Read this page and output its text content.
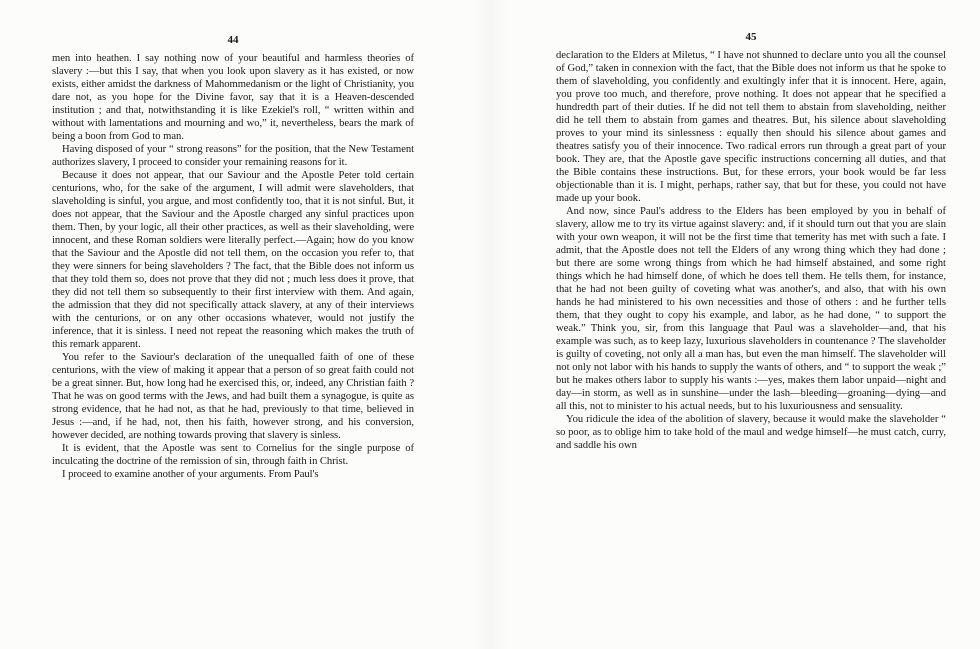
44

men into heathen. I say nothing now of your beautiful and harmless theories of slavery :—but this I say, that when you look upon slavery as it has existed, or now exists, either amidst the darkness of Mahommedanism or the light of Christianity, you dare not, as you hope for the Divine favor, say that it is a Heaven-descended institution ; and that, notwithstanding it is like Ezekiel's roll, “ written within and without with lamentations and mourning and wo,” it, nevertheless, bears the mark of being a boon from God to man.

Having disposed of your “ strong reasons” for the position, that the New Testament authorizes slavery, I proceed to consider your remaining reasons for it.

Because it does not appear, that our Saviour and the Apostle Peter told certain centurions, who, for the sake of the argument, I will admit were slaveholders, that slaveholding is sinful, you argue, and most confidently too, that it is not sinful. But, it does not appear, that the Saviour and the Apostle charged any sinful practices upon them. Then, by your logic, all their other practices, as well as their slaveholding, were innocent, and these Roman soldiers were literally perfect.—Again; how do you know that the Saviour and the Apostle did not tell them, on the occasion you refer to, that they were sinners for being slaveholders ? The fact, that the Bible does not inform us that they told them so, does not prove that they did not ; much less does it prove, that they did not tell them so subsequently to their first interview with them. And again, the admission that they did not specifically attack slavery, at any of their interviews with the centurions, or on any other occasions whatever, would not justify the inference, that it is sinless. I need not repeat the reasoning which makes the truth of this remark apparent.

You refer to the Saviour's declaration of the unequalled faith of one of these centurions, with the view of making it appear that a person of so great faith could not be a great sinner. But, how long had he exercised this, or, indeed, any Christian faith ? That he was on good terms with the Jews, and had built them a synagogue, is quite as strong evidence, that he had not, as that he had, previously to that time, believed in Jesus :—and, if he had, not, then his faith, however strong, and his conversion, however decided, are nothing towards proving that slavery is sinless.

It is evident, that the Apostle was sent to Cornelius for the single purpose of inculcating the doctrine of the remission of sin, through faith in Christ.

I proceed to examine another of your arguments. From Paul's

45

declaration to the Elders at Miletus, “ I have not shunned to declare unto you all the counsel of God,” taken in connexion with the fact, that the Bible does not inform us that he spoke to them of slaveholding, you confidently and exultingly infer that it is innocent. Here, again, you prove too much, and therefore, prove nothing. It does not appear that he specified a hundredth part of their duties. If he did not tell them to abstain from slaveholding, neither did he tell them to abstain from games and theatres. But, his silence about slaveholding proves to your mind its sinlessness : equally then should his silence about games and theatres satisfy you of their innocence. Two radical errors run through a great part of your book. They are, that the Apostle gave specific instructions concerning all duties, and that the Bible contains these instructions. But, for these errors, your book would be far less objectionable than it is. I might, perhaps, rather say, that but for these, you could not have made up your book.

And now, since Paul's address to the Elders has been employed by you in behalf of slavery, allow me to try its virtue against slavery: and, if it should turn out that you are slain with your own weapon, it will not be the first time that temerity has met with such a fate. I admit, that the Apostle does not tell the Elders of any wrong thing which they had done ; but there are some wrong things from which he had himself abstained, and some right things which he had himself done, of which he does tell them. He tells them, for instance, that he had not been guilty of coveting what was another's, and also, that with his own hands he had ministered to his own necessities and those of others : and he further tells them, that they ought to copy his example, and labor, as he had done, “ to support the weak.” Think you, sir, from this language that Paul was a slaveholder—and, that his example was such, as to keep lazy, luxurious slaveholders in countenance ? The slaveholder is guilty of coveting, not only all a man has, but even the man himself. The slaveholder will not only not labor with his hands to supply the wants of others, and “ to support the weak ;” but he makes others labor to supply his wants :—yes, makes them labor unpaid—night and day—in storm, as well as in sunshine—under the lash—bleeding—groaning—dying—and all this, not to minister to his actual needs, but to his luxuriousness and sensuality.

You ridicule the idea of the abolition of slavery, because it would make the slaveholder “ so poor, as to oblige him to take hold of the maul and wedge himself—he must catch, curry, and saddle his own
